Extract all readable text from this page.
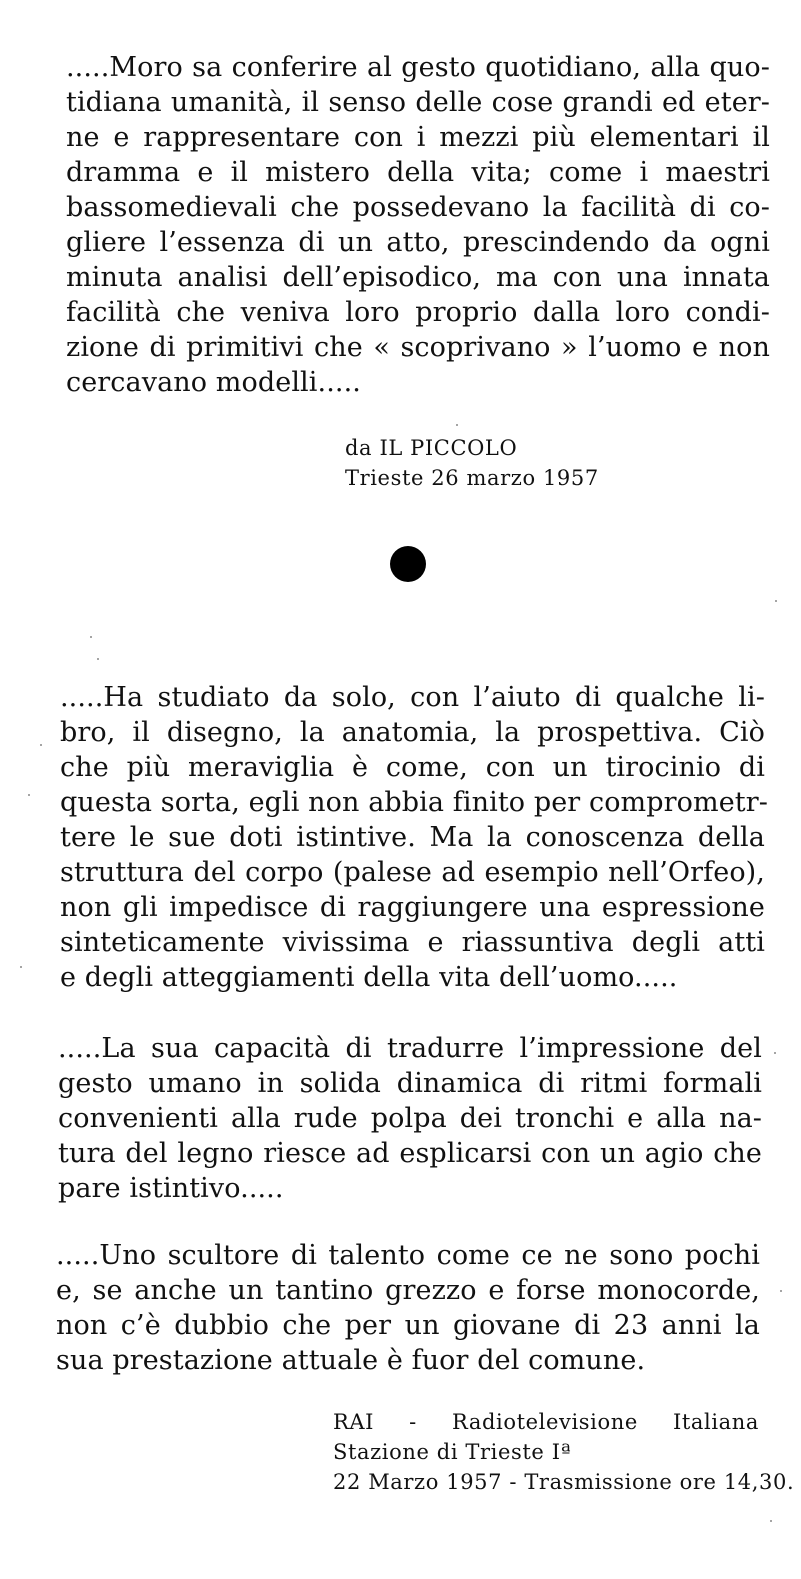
.....Moro sa conferire al gesto quotidiano, alla quo-
tidiana umanità, il senso delle cose grandi ed eter-
ne e rappresentare con i mezzi più elementari il
dramma e il mistero della vita; come i maestri
bassomedievali che possedevano la facilità di co-
gliere l’essenza di un atto, prescindendo da ogni
minuta analisi dell’episodico, ma con una innata
facilità che veniva loro proprio dalla loro condi-
zione di primitivi che « scoprivano » l’uomo e non
cercavano modelli.....

da IL PICCOLO
Trieste 26 marzo 1957

.....Ha studiato da solo, con l’aiuto di qualche li-
bro, il disegno, la anatomia, la prospettiva. Ciò
che più meraviglia è come, con un tirocinio di
questa sorta, egli non abbia finito per comprometr-
tere le sue doti istintive. Ma la conoscenza della
struttura del corpo (palese ad esempio nell’Orfeo),
non gli impedisce di raggiungere una espressione
sinteticamente vivissima e riassuntiva degli atti
e degli atteggiamenti della vita dell’uomo.....

.....La sua capacità di tradurre l’impressione del
gesto umano in solida dinamica di ritmi formali
convenienti alla rude polpa dei tronchi e alla na-
tura del legno riesce ad esplicarsi con un agio che
pare istintivo.....

.....Uno scultore di talento come ce ne sono pochi
e, se anche un tantino grezzo e forse monocorde,
non c’è dubbio che per un giovane di 23 anni la
sua prestazione attuale è fuor del comune.

RAI - Radiotelevisione Italiana
Stazione di Trieste Iª
22 Marzo 1957 - Trasmissione ore 14,30.
